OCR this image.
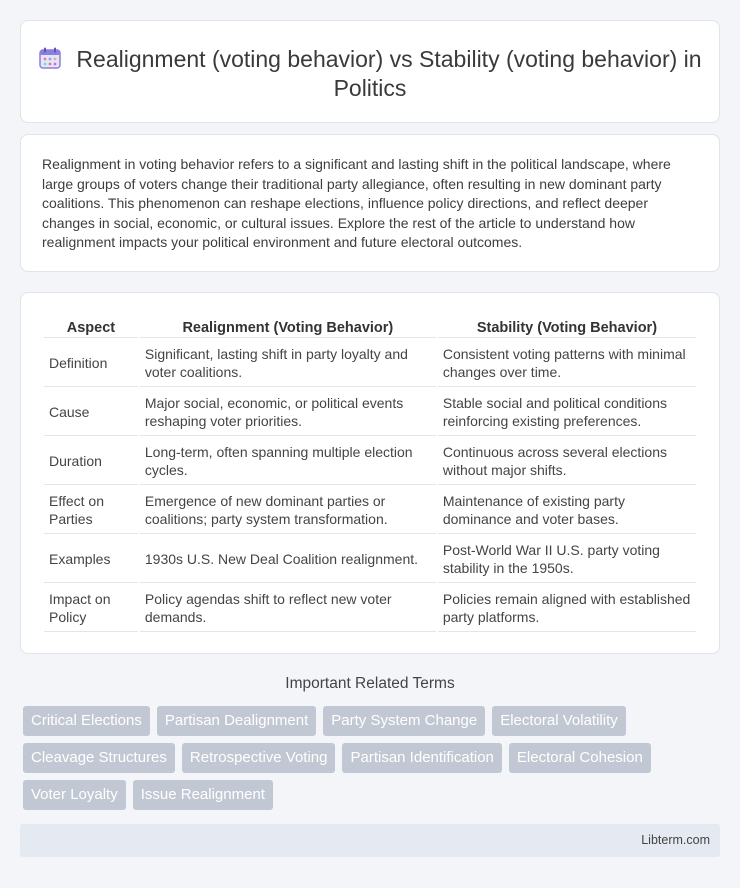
Realignment (voting behavior) vs Stability (voting behavior) in Politics

Realignment in voting behavior refers to a significant and lasting shift in the political landscape, where large groups of voters change their traditional party allegiance, often resulting in new dominant party coalitions. This phenomenon can reshape elections, influence policy directions, and reflect deeper changes in social, economic, or cultural issues. Explore the rest of the article to understand how realignment impacts your political environment and future electoral outcomes.

Aspect	Realignment (Voting Behavior)	Stability (Voting Behavior)
Definition	Significant, lasting shift in party loyalty and voter coalitions.	Consistent voting patterns with minimal changes over time.
Cause	Major social, economic, or political events reshaping voter priorities.	Stable social and political conditions reinforcing existing preferences.
Duration	Long-term, often spanning multiple election cycles.	Continuous across several elections without major shifts.
Effect on Parties	Emergence of new dominant parties or coalitions; party system transformation.	Maintenance of existing party dominance and voter bases.
Examples	1930s U.S. New Deal Coalition realignment.	Post-World War II U.S. party voting stability in the 1950s.
Impact on Policy	Policy agendas shift to reflect new voter demands.	Policies remain aligned with established party platforms.
Important Related Terms
Critical Elections	Partisan Dealignment	Party System Change	Electoral Volatility
Cleavage Structures	Retrospective Voting	Partisan Identification	Electoral Cohesion
Voter Loyalty	Issue Realignment
Libterm.com
